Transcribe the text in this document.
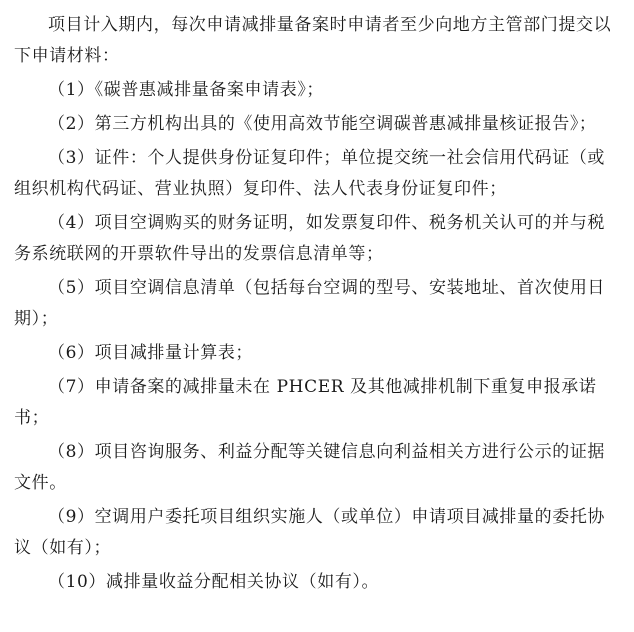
项目计入期内，每次申请减排量备案时申请者至少向地方主管部门提交以下申请材料：

（1）《碳普惠减排量备案申请表》；

（2）第三方机构出具的《使用高效节能空调碳普惠减排量核证报告》；

（3）证件：个人提供身份证复印件；单位提交统一社会信用代码证（或组织机构代码证、营业执照）复印件、法人代表身份证复印件；

（4）项目空调购买的财务证明，如发票复印件、税务机关认可的并与税务系统联网的开票软件导出的发票信息清单等；

（5）项目空调信息清单（包括每台空调的型号、安装地址、首次使用日期）；

（6）项目减排量计算表；

（7）申请备案的减排量未在 PHCER 及其他减排机制下重复申报承诺书；

（8）项目咨询服务、利益分配等关键信息向利益相关方进行公示的证据文件。

（9）空调用户委托项目组织实施人（或单位）申请项目减排量的委托协议（如有）；

（10）减排量收益分配相关协议（如有）。
